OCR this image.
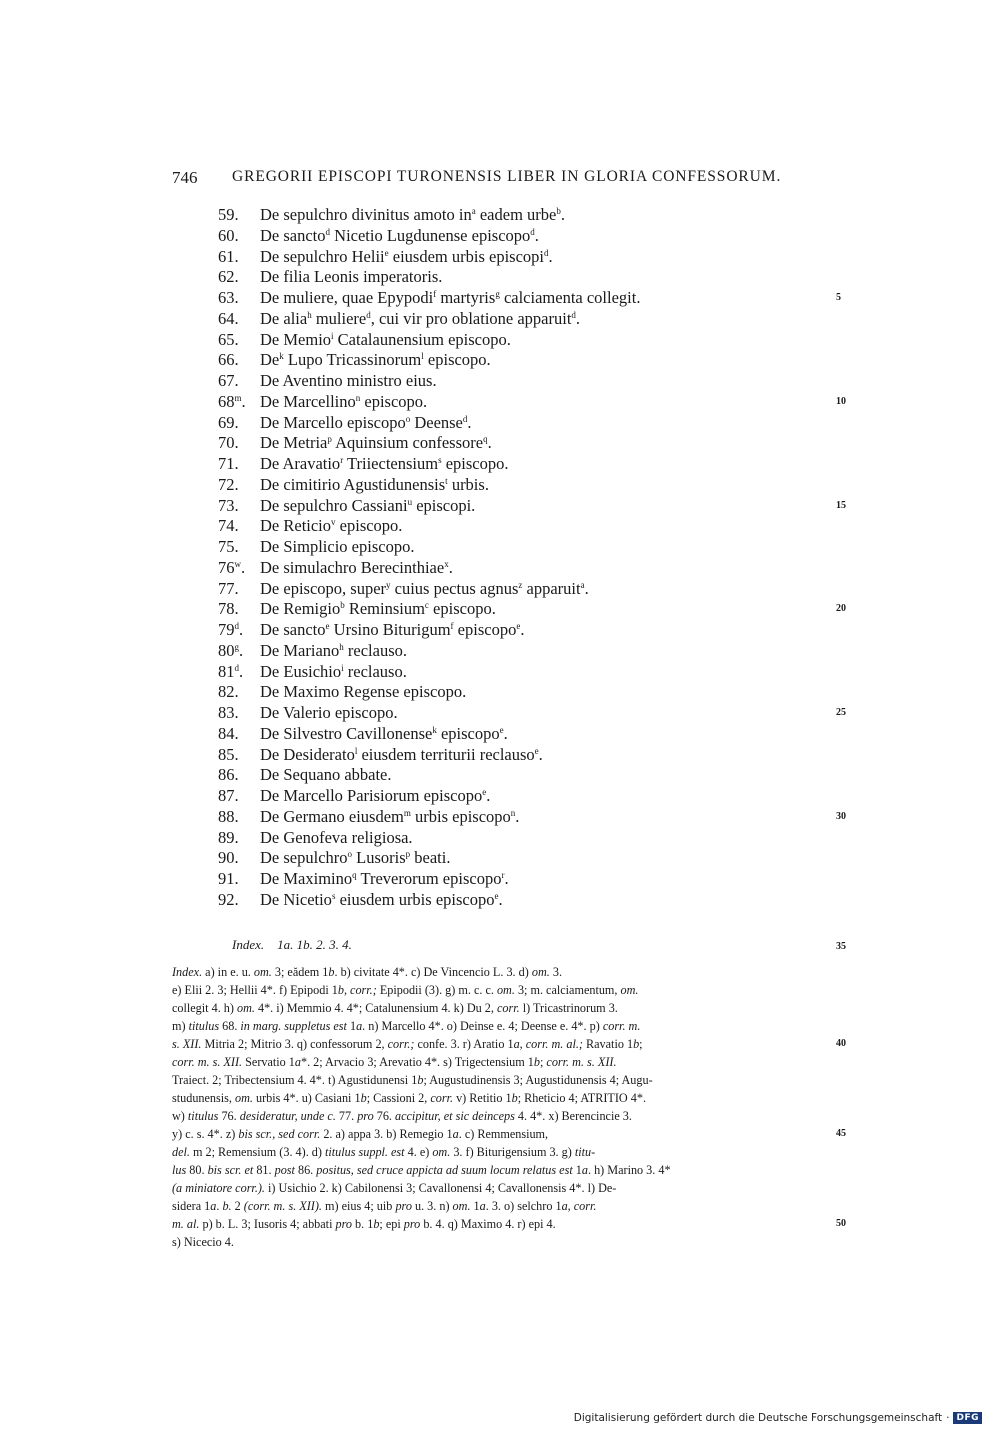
746 GREGORII EPISCOPI TURONENSIS LIBER IN GLORIA CONFESSORUM.
59.	De sepulchro divinitus amoto $in^a$ eadem urbe$^b$.
60.	De sancto$^d$ Nicetio Lugdunense episcopo$^d$.
61.	De sepulchro Helii$^e$ eiusdem urbis episcopi$^d$.
62.	De filia Leonis imperatoris.
63.	De muliere, quae Epypodi$^f$ martyris$^g$ calciamenta collegit.
64.	De alia$^h$ muliere$^d$, cui vir pro oblatione apparuit$^d$.
65.	De Memio$^i$ Catalaunensium episcopo.
66.	De$^k$ Lupo Tricassinorum$^l$ episcopo.
67.	De Aventino ministro eius.
68$^m$. De Marcellino$^n$ episcopo.
69.	De Marcello episcopo$^o$ Deense$^d$.
70.	De Metria$^p$ Aquinsium confessore$^q$.
71.	De Aravatio$^r$ Triiectensium$^s$ episcopo.
72.	De cimitirio Agustidunensis$^t$ urbis.
73.	De sepulchro Cassiani$^u$ episcopi.
74.	De Reticio$^v$ episcopo.
75.	De Simplicio episcopo.
76$^w$. De simulachro Berecinthiae$^x$.
77.	De episcopo, super$^y$ cuius pectus agnus$^z$ apparuit$^a$.
78.	De Remigio$^b$ Reminsium$^c$ episcopo.
79$^d$.	De sancto$^e$ Ursino Biturigum$^f$ episcopo$^e$.
80$^g$.	De Mariano$^h$ reclauso.
81$^d$.	De Eusichio$^i$ reclauso.
82.	De Maximo Regense episcopo.
83.	De Valerio episcopo.
84.	De Silvestro Cavillonense$^k$ episcopo$^e$.
85.	De Desiderato$^l$ eiusdem territurii reclauso$^e$.
86.	De Sequano abbate.
87.	De Marcello Parisiorum episcopo$^e$.
88.	De Germano eiusdem$^m$ urbis episcopo$^n$.
89.	De Genofeva religiosa.
90.	De sepulchro$^o$ Lusoris$^p$ beati.
91.	De Maximino$^q$ Treverorum episcopo$^r$.
92.	De Nicetio$^s$ eiusdem urbis episcopo$^e$.
5
10
15
20
25
30
Index. 1a. 1b. 2. 3. 4.	35
Index. a) in e. u. om. 3; eădem 1b. b) civitate 4*. c) De Vincencio L. 3. d) om. 3.
e) Elii 2. 3; Hellii 4*. f) Epipodi 1b, corr.; Epipodii (3). g) m. c. c. om. 3; m. calciamentum, om.
collegit 4. h) om. 4*. i) Memmio 4. 4*; Catalunensium 4. k) Du 2, corr. l) Tricastrinorum 3.
m) titulus 68. in marg. suppletus est 1a. n) Marcello 4*. o) Deinse e. 4; Deense e. 4*. p) corr. m.
s. XII. Mitria 2; Mitrio 3. q) confessorum 2, corr.; confe. 3. r) Aratio 1a, corr. m. al.; Ravatio 1b;
corr. m. s. XII. Servatio 1a*. 2; Arvacio 3; Arevatio 4*. s) Trigectensium 1b; corr. m. s. XII.
Traiect. 2; Tribectensium 4. 4*. t) Agustidunensi 1b; Augustudinensis 3; Augustidunensis 4; Augu-
studunensis, om. urbis 4*. u) Casiani 1b; Cassioni 2, corr. v) Retitio 1b; Rheticio 4; ATRITIO 4*.
w) titulus 76. desideratur, unde c. 77. pro 76. accipitur, et sic deinceps 4. 4*. x) Berencincie 3.
y) c. s. 4*. z) bis scr., sed corr. 2. a) appa 3. b) Remegio 1a. c) Remmensium,
del. m 2; Remensium (3. 4). d) titulus suppl. est 4. e) om. 3. f) Biturigensium 3. g) titu-
lus 80. bis scr. et 81. post 86. positus, sed cruce appicta ad suum locum relatus est 1a. h) Marino 3. 4*
(a miniatore corr.). i) Usichio 2. k) Cabilonensi 3; Cavallonensi 4; Cavallonensis 4*. l) De-
sidera 1a. b. 2 (corr. m. s. XII). m) eius 4; uib pro u. 3. n) om. 1a. 3. o) selchro 1a, corr.
m. al. p) b. L. 3; Iusoris 4; abbati pro b. 1b; epi pro b. 4. q) Maximo 4. r) epi 4.
s) Nicecio 4.
40
45
50
Digitalisierung gefördert durch die Deutsche Forschungsgemeinschaft · DFG
